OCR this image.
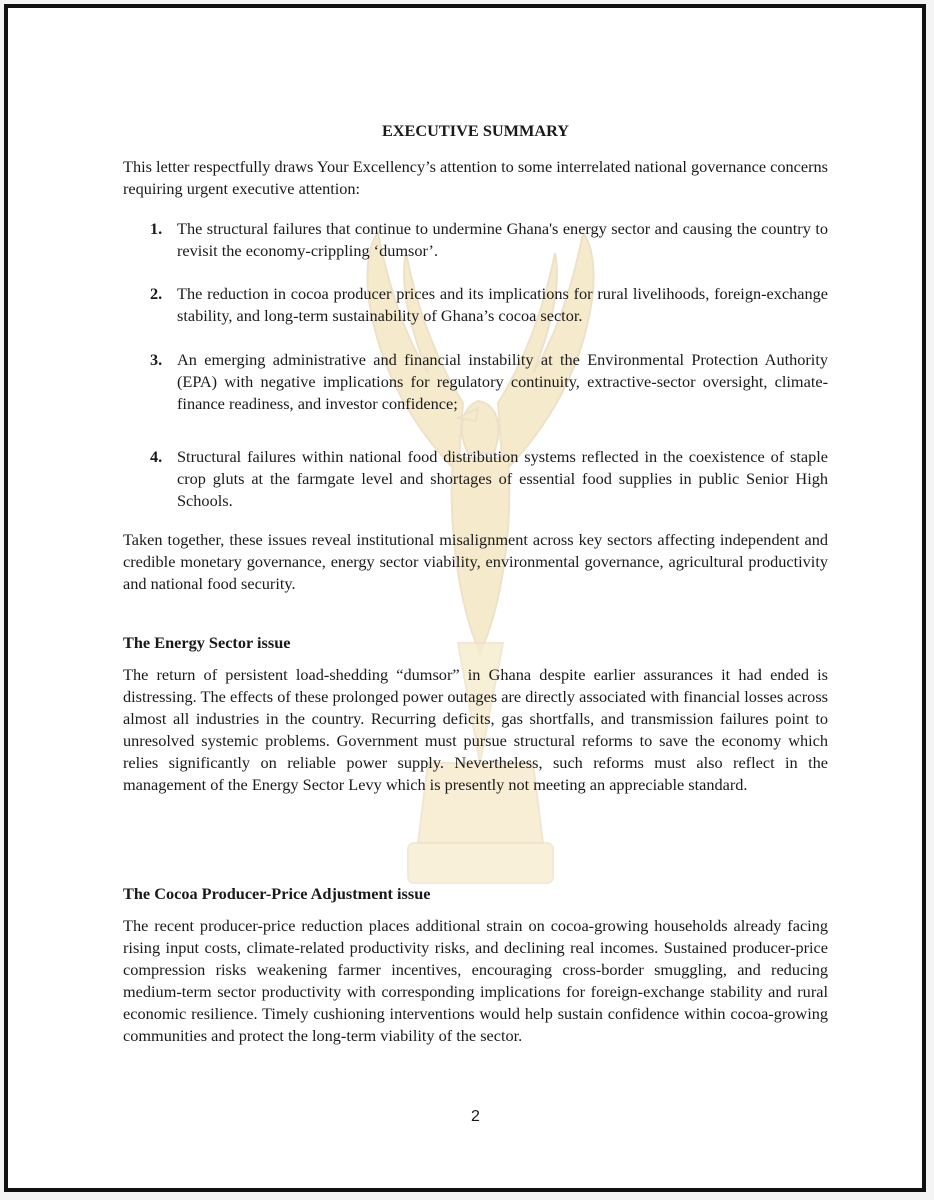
EXECUTIVE SUMMARY

This letter respectfully draws Your Excellency’s attention to some interrelated national governance concerns requiring urgent executive attention:

1. The structural failures that continue to undermine Ghana's energy sector and causing the country to revisit the economy-crippling ‘dumsor’.
2. The reduction in cocoa producer prices and its implications for rural livelihoods, foreign-exchange stability, and long-term sustainability of Ghana’s cocoa sector.
3. An emerging administrative and financial instability at the Environmental Protection Authority (EPA) with negative implications for regulatory continuity, extractive-sector oversight, climate-finance readiness, and investor confidence;
4. Structural failures within national food distribution systems reflected in the coexistence of staple crop gluts at the farmgate level and shortages of essential food supplies in public Senior High Schools.

Taken together, these issues reveal institutional misalignment across key sectors affecting independent and credible monetary governance, energy sector viability, environmental governance, agricultural productivity and national food security.

The Energy Sector issue

The return of persistent load-shedding “dumsor” in Ghana despite earlier assurances it had ended is distressing. The effects of these prolonged power outages are directly associated with financial losses across almost all industries in the country. Recurring deficits, gas shortfalls, and transmission failures point to unresolved systemic problems. Government must pursue structural reforms to save the economy which relies significantly on reliable power supply. Nevertheless, such reforms must also reflect in the management of the Energy Sector Levy which is presently not meeting an appreciable standard.

The Cocoa Producer-Price Adjustment issue

The recent producer-price reduction places additional strain on cocoa-growing households already facing rising input costs, climate-related productivity risks, and declining real incomes. Sustained producer-price compression risks weakening farmer incentives, encouraging cross-border smuggling, and reducing medium-term sector productivity with corresponding implications for foreign-exchange stability and rural economic resilience. Timely cushioning interventions would help sustain confidence within cocoa-growing communities and protect the long-term viability of the sector.

2
